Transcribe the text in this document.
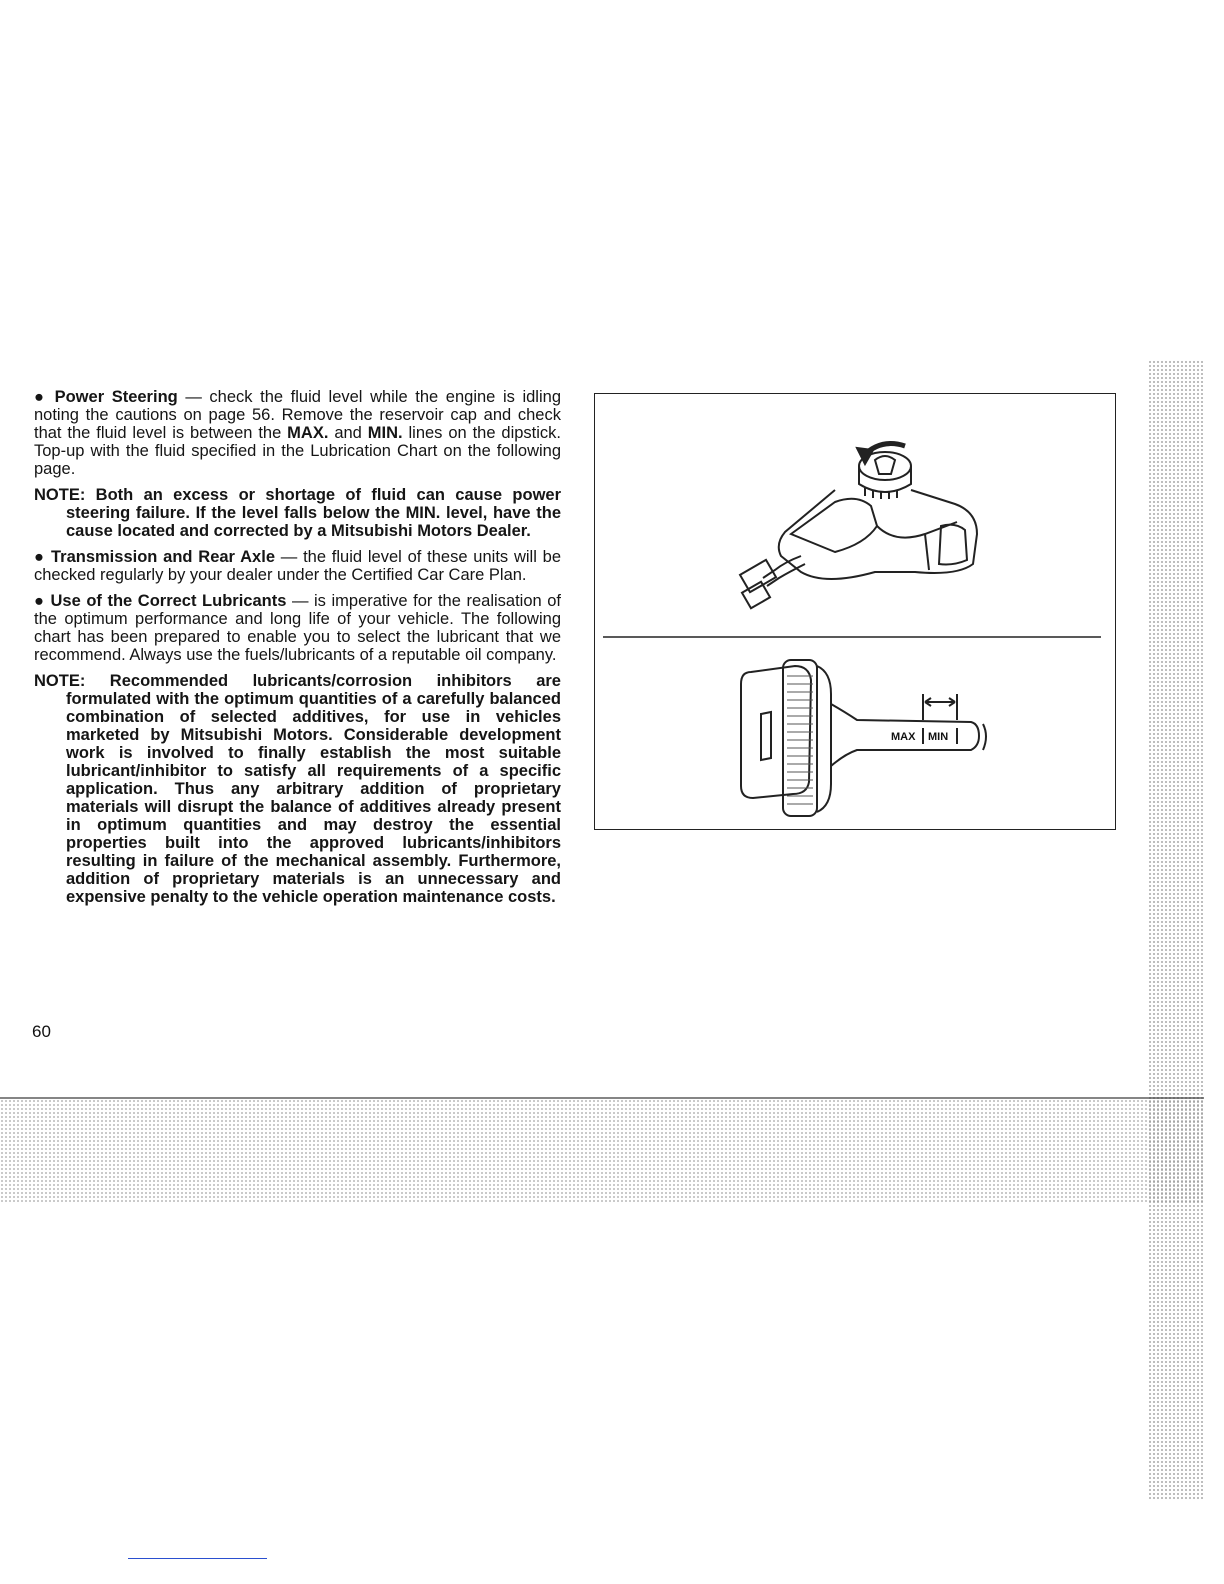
● Power Steering — check the fluid level while the engine is idling noting the cautions on page 56. Remove the reservoir cap and check that the fluid level is between the MAX. and MIN. lines on the dipstick. Top-up with the fluid specified in the Lubrication Chart on the following page.

NOTE: Both an excess or shortage of fluid can cause power steering failure. If the level falls below the MIN. level, have the cause located and corrected by a Mitsubishi Motors Dealer.

● Transmission and Rear Axle — the fluid level of these units will be checked regularly by your dealer under the Certified Car Care Plan.

● Use of the Correct Lubricants — is imperative for the realisation of the optimum performance and long life of your vehicle. The following chart has been prepared to enable you to select the lubricant that we recommend. Always use the fuels/lubricants of a reputable oil company.

NOTE: Recommended lubricants/corrosion inhibitors are formulated with the optimum quantities of a carefully balanced combination of selected additives, for use in vehicles marketed by Mitsubishi Motors. Considerable development work is involved to finally establish the most suitable lubricant/inhibitor to satisfy all requirements of a specific application. Thus any arbitrary addition of proprietary materials will disrupt the balance of additives already present in optimum quantities and may destroy the essential properties built into the approved lubricants/inhibitors resulting in failure of the mechanical assembly. Furthermore, addition of proprietary materials is an unnecessary and expensive penalty to the vehicle operation maintenance costs.

60
MAX MIN
